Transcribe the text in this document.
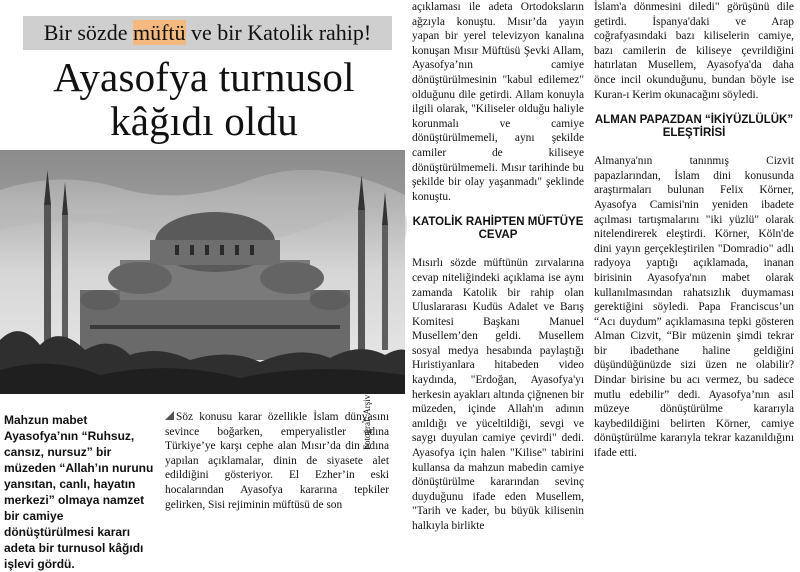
Bir sözde müftü ve bir Katolik rahip!
Ayasofya turnusol
kâğıdı oldu
Fotoğraf: Arşiv
Mahzun mabet Ayasofya’nın “Ruhsuz, cansız, nursuz” bir müzeden “Allah’ın nurunu yansıtan, canlı, hayatın merkezi” olmaya namzet bir camiye dönüştürülmesi kararı adeta bir turnusol kâğıdı işlevi gördü.

Söz konusu karar özellikle İslam dünyasını sevince boğarken, emperyalistler adına Türkiye’ye karşı cephe alan Mısır’da din adına yapılan açıklamalar, dinin de siyasete alet edildiğini gösteriyor. El Ezher’in eski hocalarından Ayasofya kararına tepkiler gelirken, Sisi rejiminin müftüsü de son

açıklaması ile adeta Ortodoksların ağzıyla konuştu. Mısır’da yayın yapan bir yerel televizyon kanalına konuşan Mısır Müftüsü Şevki Allam, Ayasofya’nın camiye dönüştürülmesinin "kabul edilemez" olduğunu dile getirdi. Allam konuyla ilgili olarak, "Kiliseler olduğu haliyle korunmalı ve camiye dönüştürülmemeli, aynı şekilde camiler de kiliseye dönüştürülmemeli. Mısır tarihinde bu şekilde bir olay yaşanmadı" şeklinde konuştu.

KATOLİK RAHİPTEN MÜFTÜYE CEVAP

Mısırlı sözde müftünün zırvalarına cevap niteliğindeki açıklama ise aynı zamanda Katolik bir rahip olan Uluslararası Kudüs Adalet ve Barış Komitesi Başkanı Manuel Musellem’den geldi. Musellem sosyal medya hesabında paylaştığı Hıristiyanlara hitabeden video kaydında, "Erdoğan, Ayasofya'yı herkesin ayakları altında çiğnenen bir müzeden, içinde Allah'ın adının anıldığı ve yüceltildiği, sevgi ve saygı duyulan camiye çevirdi" dedi. Ayasofya için halen "Kilise" tabirini kullansa da mahzun mabedin camiye dönüştürülme kararından sevinç duyduğunu ifade eden Musellem, "Tarih ve kader, bu büyük kilisenin halkıyla birlikte

İslam'a dönmesini diledi" görüşünü dile getirdi. İspanya'daki ve Arap coğrafyasındaki bazı kiliselerin camiye, bazı camilerin de kiliseye çevrildiğini hatırlatan Musellem, Ayasofya'da daha önce incil okunduğunu, bundan böyle ise Kuran-ı Kerim okunacağını söyledi.

ALMAN PAPAZDAN “İKİYÜZLÜLÜK” ELEŞTİRİSİ

Almanya'nın tanınmış Cizvit papazlarından, İslam dini konusunda araştırmaları bulunan Felix Körner, Ayasofya Camisi'nin yeniden ibadete açılması tartışmalarını "iki yüzlü" olarak nitelendirerek eleştirdi. Körner, Köln'de dini yayın gerçekleştirilen "Domradio" adlı radyoya yaptığı açıklamada, inanan birisinin Ayasofya'nın mabet olarak kullanılmasından rahatsızlık duymaması gerektiğini söyledi. Papa Franciscus’un “Acı duydum” açıklamasına tepki gösteren Alman Cizvit, “Bir müzenin şimdi tekrar bir ibadethane haline geldiğini düşündüğünüzde sizi üzen ne olabilir? Dindar birisine bu acı vermez, bu sadece mutlu edebilir” dedi. Ayasofya’nın asıl müzeye dönüştürülme kararıyla kaybedildiğini belirten Körner, camiye dönüştürülme kararıyla tekrar kazanıldığını ifade etti.
